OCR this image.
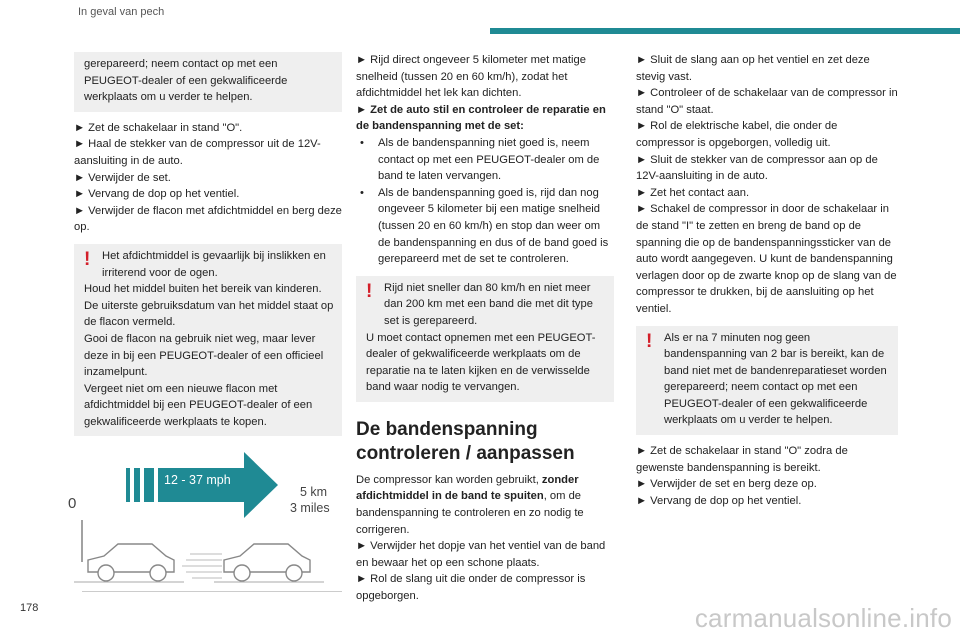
In geval van pech
178

gerepareerd; neem contact op met een PEUGEOT-dealer of een gekwalificeerde werkplaats om u verder te helpen.

► Zet de schakelaar in stand "O".

► Haal de stekker van de compressor uit de 12V-aansluiting in de auto.

► Verwijder de set.

► Vervang de dop op het ventiel.

► Verwijder de flacon met afdichtmiddel en berg deze op.

!	Het afdichtmiddel is gevaarlijk bij inslikken en irriterend voor de ogen.

Houd het middel buiten het bereik van kinderen.

De uiterste gebruiksdatum van het middel staat op de flacon vermeld.

Gooi de flacon na gebruik niet weg, maar lever deze in bij een PEUGEOT-dealer of een officieel inzamelpunt.

Vergeet niet om een nieuwe flacon met afdichtmiddel bij een PEUGEOT-dealer of een gekwalificeerde werkplaats te kopen.

20 - 60 km/h
12 - 37 mph
0
5 km
3 miles

► Rijd direct ongeveer 5 kilometer met matige snelheid (tussen 20 en 60 km/h), zodat het afdichtmiddel het lek kan dichten.

► Zet de auto stil en controleer de reparatie en de bandenspanning met de set:

•	Als de bandenspanning niet goed is, neem contact op met een PEUGEOT-dealer om de band te laten vervangen.

•	Als de bandenspanning goed is, rijd dan nog ongeveer 5 kilometer bij een matige snelheid (tussen 20 en 60 km/h) en stop dan weer om de bandenspanning en dus of de band goed is gerepareerd met de set te controleren.

!	Rijd niet sneller dan 80 km/h en niet meer dan 200 km met een band die met dit type set is gerepareerd.

U moet contact opnemen met een PEUGEOT-dealer of gekwalificeerde werkplaats om de reparatie na te laten kijken en de verwisselde band waar nodig te vervangen.

De bandenspanning controleren / aanpassen

De compressor kan worden gebruikt, zonder afdichtmiddel in de band te spuiten, om de bandenspanning te controleren en zo nodig te corrigeren.

► Verwijder het dopje van het ventiel van de band en bewaar het op een schone plaats.

► Rol de slang uit die onder de compressor is opgeborgen.

► Sluit de slang aan op het ventiel en zet deze stevig vast.

► Controleer of de schakelaar van de compressor in stand "O" staat.

► Rol de elektrische kabel, die onder de compressor is opgeborgen, volledig uit.

► Sluit de stekker van de compressor aan op de 12V-aansluiting in de auto.

► Zet het contact aan.

► Schakel de compressor in door de schakelaar in de stand "I" te zetten en breng de band op de spanning die op de bandenspanningssticker van de auto wordt aangegeven. U kunt de bandenspanning verlagen door op de zwarte knop op de slang van de compressor te drukken, bij de aansluiting op het ventiel.

!	Als er na 7 minuten nog geen bandenspanning van 2 bar is bereikt, kan de band niet met de bandenreparatieset worden gerepareerd; neem contact op met een PEUGEOT-dealer of een gekwalificeerde werkplaats om u verder te helpen.

► Zet de schakelaar in stand "O" zodra de gewenste bandenspanning is bereikt.

► Verwijder de set en berg deze op.

► Vervang de dop op het ventiel.

carmanualsonline.info
